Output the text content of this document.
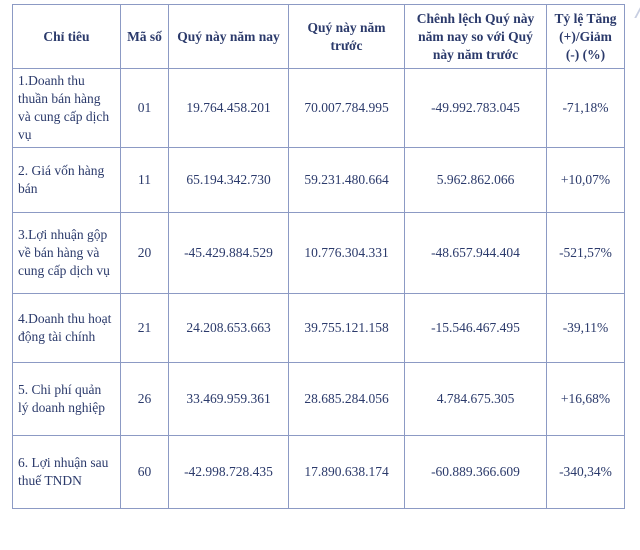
Chỉ tiêu	Mã số	Quý này năm nay	Quý này năm trước	Chênh lệch Quý này năm nay so với Quý này năm trước	Tỷ lệ Tăng (+)/Giảm (-) (%)
1.Doanh thu thuần bán hàng và cung cấp dịch vụ	01	19.764.458.201	70.007.784.995	-49.992.783.045	-71,18%
2. Giá vốn hàng bán	11	65.194.342.730	59.231.480.664	5.962.862.066	+10,07%
3.Lợi nhuận gộp về bán hàng và cung cấp dịch vụ	20	-45.429.884.529	10.776.304.331	-48.657.944.404	-521,57%
4.Doanh thu hoạt động tài chính	21	24.208.653.663	39.755.121.158	-15.546.467.495	-39,11%
5. Chi phí quản lý doanh nghiệp	26	33.469.959.361	28.685.284.056	4.784.675.305	+16,68%
6. Lợi nhuận sau thuế TNDN	60	-42.998.728.435	17.890.638.174	-60.889.366.609	-340,34%
